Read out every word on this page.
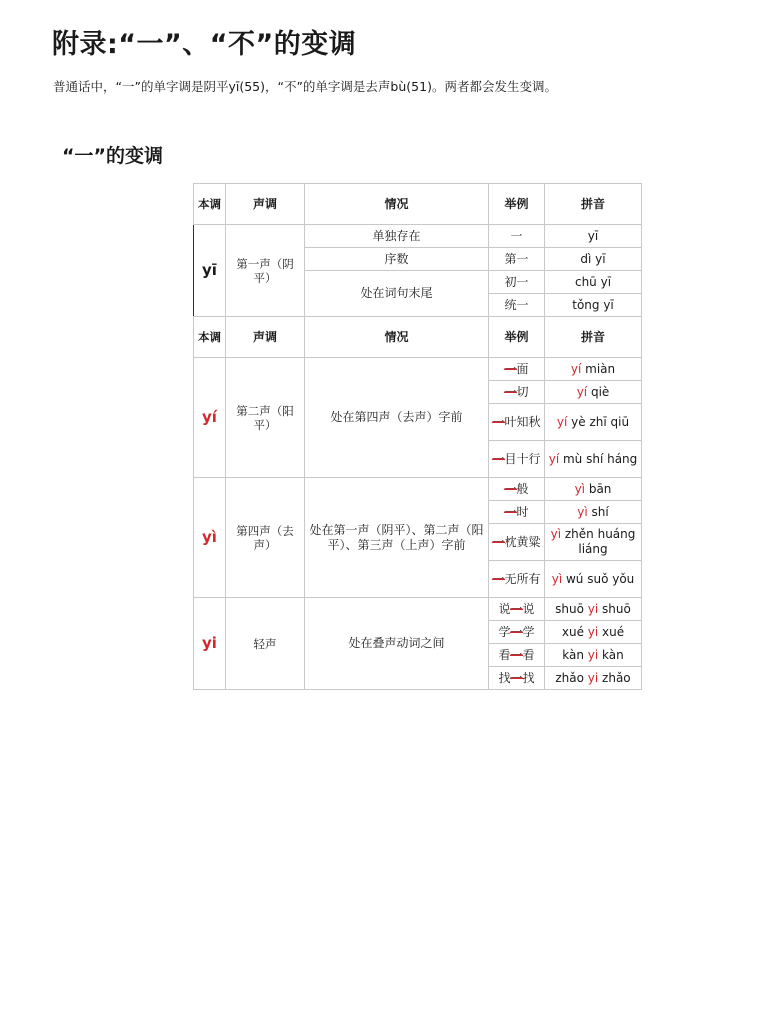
附录:“一”、“不”的变调
普通话中，“一”的单字调是阴平yī(55)，“不”的单字调是去声bù(51)。两者都会发生变调。
“一”的变调
本调	声调	情况	举例	拼音
yī	第一声（阴平）	单独存在	一	yī
		序数	第一	dì yī
		处在词句末尾	初一	chū yī
			统一	tǒng yī
本调	声调	情况	举例	拼音
yí	第二声（阳平）	处在第四声（去声）字前	一面	yí miàn
			一切	yí qiè
			一叶知秋	yí yè zhī qiū
			一目十行	yí mù shí háng
yì	第四声（去声）	处在第一声（阴平）、第二声（阳平）、第三声（上声）字前	一般	yì bān
			一时	yì shí
			一枕黄粱	yì zhěn huáng liáng
			一无所有	yì wú suǒ yǒu
yi	轻声	处在叠声动词之间	说一说	shuō yi shuō
			学一学	xué yi xué
			看一看	kàn yi kàn
			找一找	zhǎo yi zhǎo
